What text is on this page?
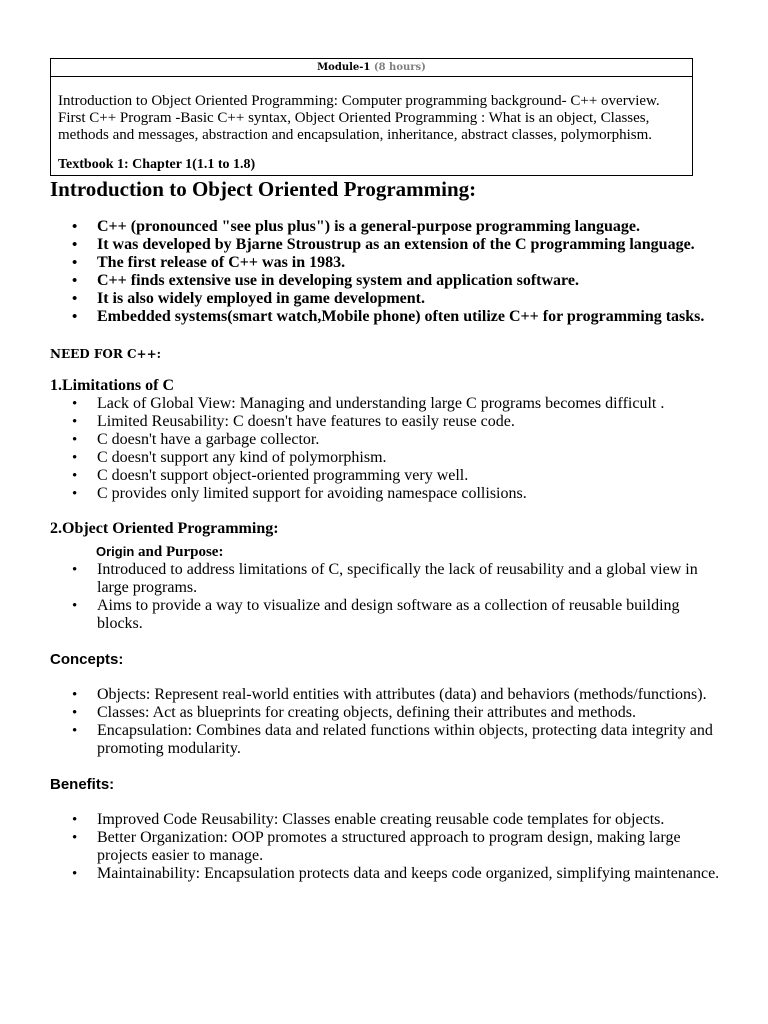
Module-1 (8 hours)

Introduction to Object Oriented Programming: Computer programming background- C++ overview. First C++ Program -Basic C++ syntax, Object Oriented Programming : What is an object, Classes, methods and messages, abstraction and encapsulation, inheritance, abstract classes, polymorphism.

Textbook 1: Chapter 1(1.1 to 1.8)

Introduction to Object Oriented Programming:
• C++ (pronounced "see plus plus") is a general-purpose programming language.
• It was developed by Bjarne Stroustrup as an extension of the C programming language.
• The first release of C++ was in 1983.
• C++ finds extensive use in developing system and application software.
• It is also widely employed in game development.
• Embedded systems(smart watch,Mobile phone) often utilize C++ for programming tasks.
NEED FOR C++:
1.Limitations of C
• Lack of Global View: Managing and understanding large C programs becomes difficult .
• Limited Reusability: C doesn't have features to easily reuse code.
• C doesn't have a garbage collector.
• C doesn't support any kind of polymorphism.
• C doesn't support object-oriented programming very well.
• C provides only limited support for avoiding namespace collisions.
2.Object Oriented Programming:
Origin and Purpose:
• Introduced to address limitations of C, specifically the lack of reusability and a global view in large programs.
• Aims to provide a way to visualize and design software as a collection of reusable building blocks.
Concepts:
• Objects: Represent real-world entities with attributes (data) and behaviors (methods/functions).
• Classes: Act as blueprints for creating objects, defining their attributes and methods.
• Encapsulation: Combines data and related functions within objects, protecting data integrity and promoting modularity.
Benefits:
• Improved Code Reusability: Classes enable creating reusable code templates for objects.
• Better Organization: OOP promotes a structured approach to program design, making large projects easier to manage.
• Maintainability: Encapsulation protects data and keeps code organized, simplifying maintenance.
